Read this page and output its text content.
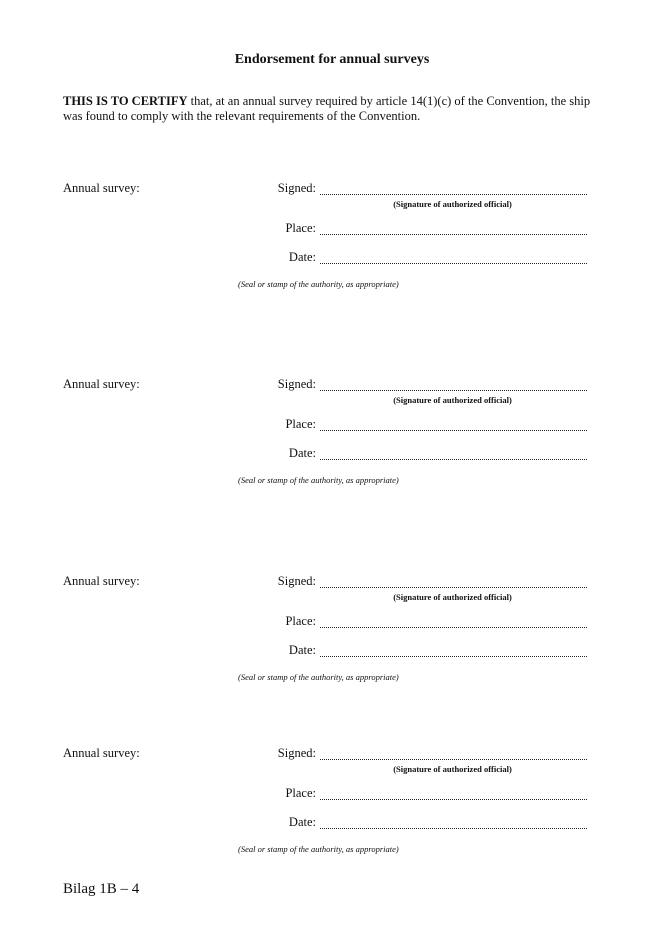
Endorsement for annual surveys
THIS IS TO CERTIFY that, at an annual survey required by article 14(1)(c) of the Convention, the ship was found to comply with the relevant requirements of the Convention.
Annual survey:	Signed:
(Signature of authorized official)
Place:
Date:
(Seal or stamp of the authority, as appropriate)
Annual survey:	Signed:
(Signature of authorized official)
Place:
Date:
(Seal or stamp of the authority, as appropriate)
Annual survey:	Signed:
(Signature of authorized official)
Place:
Date:
(Seal or stamp of the authority, as appropriate)
Annual survey:	Signed:
(Signature of authorized official)
Place:
Date:
(Seal or stamp of the authority, as appropriate)
Bilag 1B – 4
